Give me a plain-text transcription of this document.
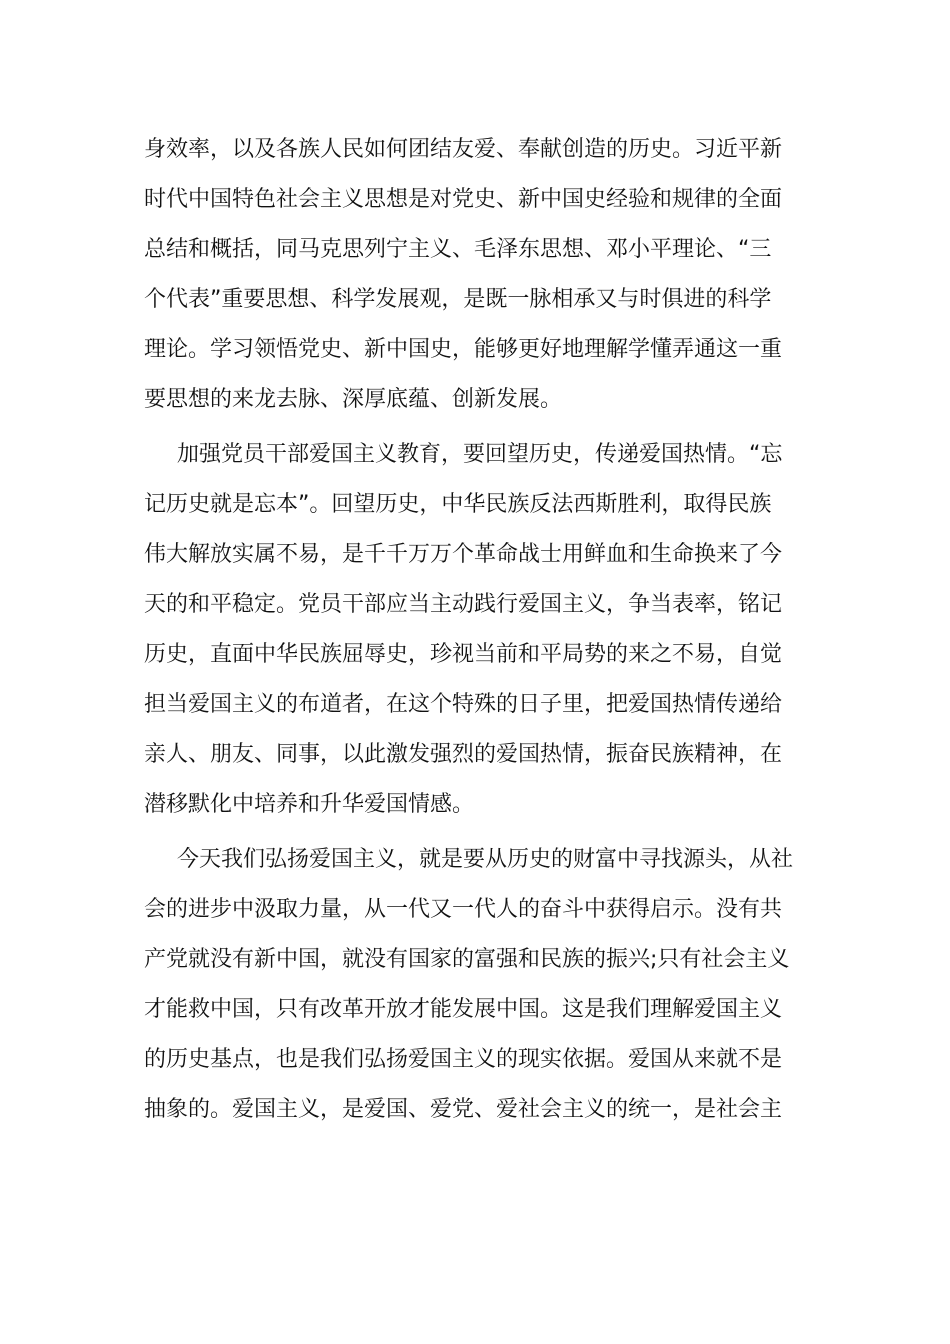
身效率，以及各族人民如何团结友爱、奉献创造的历史。习近平新
时代中国特色社会主义思想是对党史、新中国史经验和规律的全面
总结和概括，同马克思列宁主义、毛泽东思想、邓小平理论、“三
个代表”重要思想、科学发展观，是既一脉相承又与时俱进的科学
理论。学习领悟党史、新中国史，能够更好地理解学懂弄通这一重
要思想的来龙去脉、深厚底蕴、创新发展。
加强党员干部爱国主义教育，要回望历史，传递爱国热情。“忘
记历史就是忘本”。回望历史，中华民族反法西斯胜利，取得民族
伟大解放实属不易，是千千万万个革命战士用鲜血和生命换来了今
天的和平稳定。党员干部应当主动践行爱国主义，争当表率，铭记
历史，直面中华民族屈辱史，珍视当前和平局势的来之不易，自觉
担当爱国主义的布道者，在这个特殊的日子里，把爱国热情传递给
亲人、朋友、同事，以此激发强烈的爱国热情，振奋民族精神，在
潜移默化中培养和升华爱国情感。
今天我们弘扬爱国主义，就是要从历史的财富中寻找源头，从社
会的进步中汲取力量，从一代又一代人的奋斗中获得启示。没有共
产党就没有新中国，就没有国家的富强和民族的振兴;只有社会主义
才能救中国，只有改革开放才能发展中国。这是我们理解爱国主义
的历史基点，也是我们弘扬爱国主义的现实依据。爱国从来就不是
抽象的。爱国主义，是爱国、爱党、爱社会主义的统一，是社会主
